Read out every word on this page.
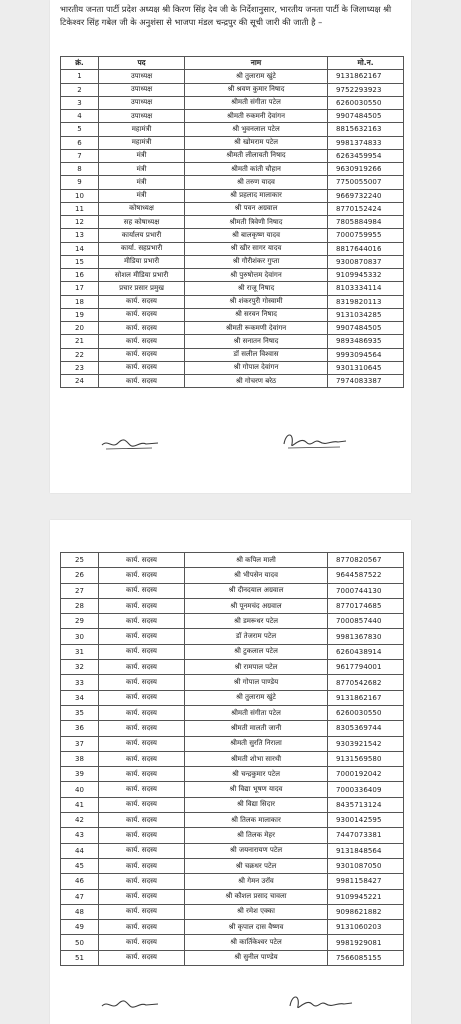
भारतीय जनता पार्टी प्रदेश अध्यक्ष श्री किरण सिंह देव जी के निर्देशानुसार, भारतीय जनता पार्टी के जिलाध्यक्ष श्री टिकेश्वर सिंह गबेल जी के अनुशंसा से भाजपा मंडल चन्द्रपुर की सूची जारी की जाती है –
क्रं.	पद	नाम	मो.न.
1	उपाध्यक्ष	श्री तुलाराम खुंटे	9131862167
2	उपाध्यक्ष	श्री श्रवण कुमार निषाद	9752293923
3	उपाध्यक्ष	श्रीमती संगीता पटेल	6260030550
4	उपाध्यक्ष	श्रीमती रुकमनी देवांगन	9907484505
5	महामंत्री	श्री भुवनलाल पटेल	8815632163
6	महामंत्री	श्री खोमराम पटेल	9981374833
7	मंत्री	श्रीमती लीलावती निषाद	6263459954
8	मंत्री	श्रीमती कांती चौहान	9630919266
9	मंत्री	श्री तरुण यादव	7750055007
10	मंत्री	श्री प्रहलाद मालाकार	9669732240
11	कोषाध्यक्ष	श्री पवन अग्रवाल	8770152424
12	सह कोषाध्यक्ष	श्रीमती त्रिवेणी निषाद	7805884984
13	कार्यालय प्रभारी	श्री बालकृष्ण यादव	7000759955
14	कार्या. सहप्रभारी	श्री खीर सागर यादव	8817644016
15	मीडिया प्रभारी	श्री गौरीशंकर गुप्ता	9300870837
16	सोशल मीडिया प्रभारी	श्री पुरुषोत्तम देवांगन	9109945332
17	प्रचार प्रसार प्रमुख	श्री राजू निषाद	8103334114
18	कार्य. सदस्य	श्री शंकरपुरी गोस्वामी	8319820113
19	कार्य. सदस्य	श्री सरवन निषाद	9131034285
20	कार्य. सदस्य	श्रीमती रूकमणी देवांगन	9907484505
21	कार्य. सदस्य	श्री सनातन निषाद	9893486935
22	कार्य. सदस्य	डॉ सलील विश्वास	9993094564
23	कार्य. सदस्य	श्री गोपाल देवांगन	9301310645
24	कार्य. सदस्य	श्री गोचरण बरेठ	7974083387
25	कार्य. सदस्य	श्री कपिल माली	8770820567
26	कार्य. सदस्य	श्री भीपसेन यादव	9644587522
27	कार्य. सदस्य	श्री दीनदयाल अग्रवाल	7000744130
28	कार्य. सदस्य	श्री पूनमचंद अग्रवाल	8770174685
29	कार्य. सदस्य	श्री डमरूधर पटेल	7000857440
30	कार्य. सदस्य	डॉ तेजराम पटेल	9981367830
31	कार्य. सदस्य	श्री टुकलाल पटेल	6260438914
32	कार्य. सदस्य	श्री रामपाल पटेल	9617794001
33	कार्य. सदस्य	श्री गोपाल पाण्डेय	8770542682
34	कार्य. सदस्य	श्री तुलाराम खुंटे	9131862167
35	कार्य. सदस्य	श्रीमती संगीता पटेल	6260030550
36	कार्य. सदस्य	श्रीमती मालती जानी	8305369744
37	कार्य. सदस्य	श्रीमती सुरति निराला	9303921542
38	कार्य. सदस्य	श्रीमती शोभा सारथी	9131569580
39	कार्य. सदस्य	श्री चन्द्रकुमार पटेल	7000192042
40	कार्य. सदस्य	श्री विद्या भूषण यादव	7000336409
41	कार्य. सदस्य	श्री विद्या सिदार	8435713124
42	कार्य. सदस्य	श्री तिलक मालाकार	9300142595
43	कार्य. सदस्य	श्री तिलक मेहर	7447073381
44	कार्य. सदस्य	श्री जयनारायण पटेल	9131848564
45	कार्य. सदस्य	श्री चक्रधर पटेल	9301087050
46	कार्य. सदस्य	श्री गेमन उरॉव	9981158427
47	कार्य. सदस्य	श्री कौशल प्रसाद चावला	9109945221
48	कार्य. सदस्य	श्री रमेश एक्का	9098621882
49	कार्य. सदस्य	श्री कृपाल दास वैष्णव	9131060203
50	कार्य. सदस्य	श्री कार्तिकेश्वर पटेल	9981929081
51	कार्य. सदस्य	श्री सुनील पाण्डेय	7566085155
